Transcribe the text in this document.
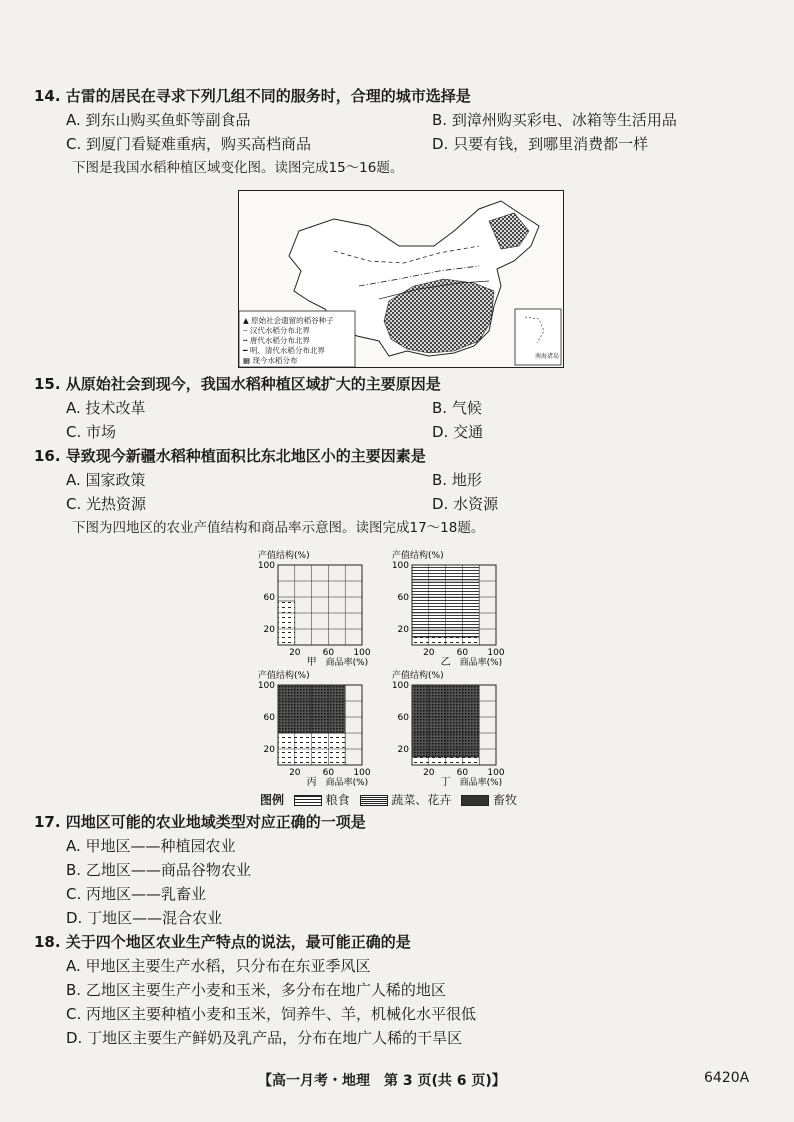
14. 古雷的居民在寻求下列几组不同的服务时，合理的城市选择是
A. 到东山购买鱼虾等副食品	B. 到漳州购买彩电、冰箱等生活用品
C. 到厦门看疑难重病，购买高档商品	D. 只要有钱，到哪里消费都一样
下图是我国水稻种植区域变化图。读图完成15～16题。
▲ 原始社会遗留的稻谷种子
┄ 汉代水稻分布北界
┅ 唐代水稻分布北界
━ 明、清代水稻分布北界
▦ 现今水稻分布	南海诸岛
15. 从原始社会到现今，我国水稻种植区域扩大的主要原因是
A. 技术改革	B. 气候
C. 市场	D. 交通
16. 导致现今新疆水稻种植面积比东北地区小的主要因素是
A. 国家政策	B. 地形
C. 光热资源	D. 水资源
下图为四地区的农业产值结构和商品率示意图。读图完成17～18题。
产值结构(%)
100
60
20
20 60 100
甲 商品率(%)
产值结构(%)
100
60
20
20 60 100
乙 商品率(%)
产值结构(%)
100
60
20
20 60 100
丙 商品率(%)
产值结构(%)
100
60
20
20 60 100
丁 商品率(%)
图例	粮食	蔬菜、花卉	畜牧
17. 四地区可能的农业地域类型对应正确的一项是
A. 甲地区——种植园农业
B. 乙地区——商品谷物农业
C. 丙地区——乳畜业
D. 丁地区——混合农业
18. 关于四个地区农业生产特点的说法，最可能正确的是
A. 甲地区主要生产水稻，只分布在东亚季风区
B. 乙地区主要生产小麦和玉米，多分布在地广人稀的地区
C. 丙地区主要种植小麦和玉米，饲养牛、羊，机械化水平很低
D. 丁地区主要生产鲜奶及乳产品，分布在地广人稀的干旱区
【高一月考・地理　第 3 页(共 6 页)】	6420A
